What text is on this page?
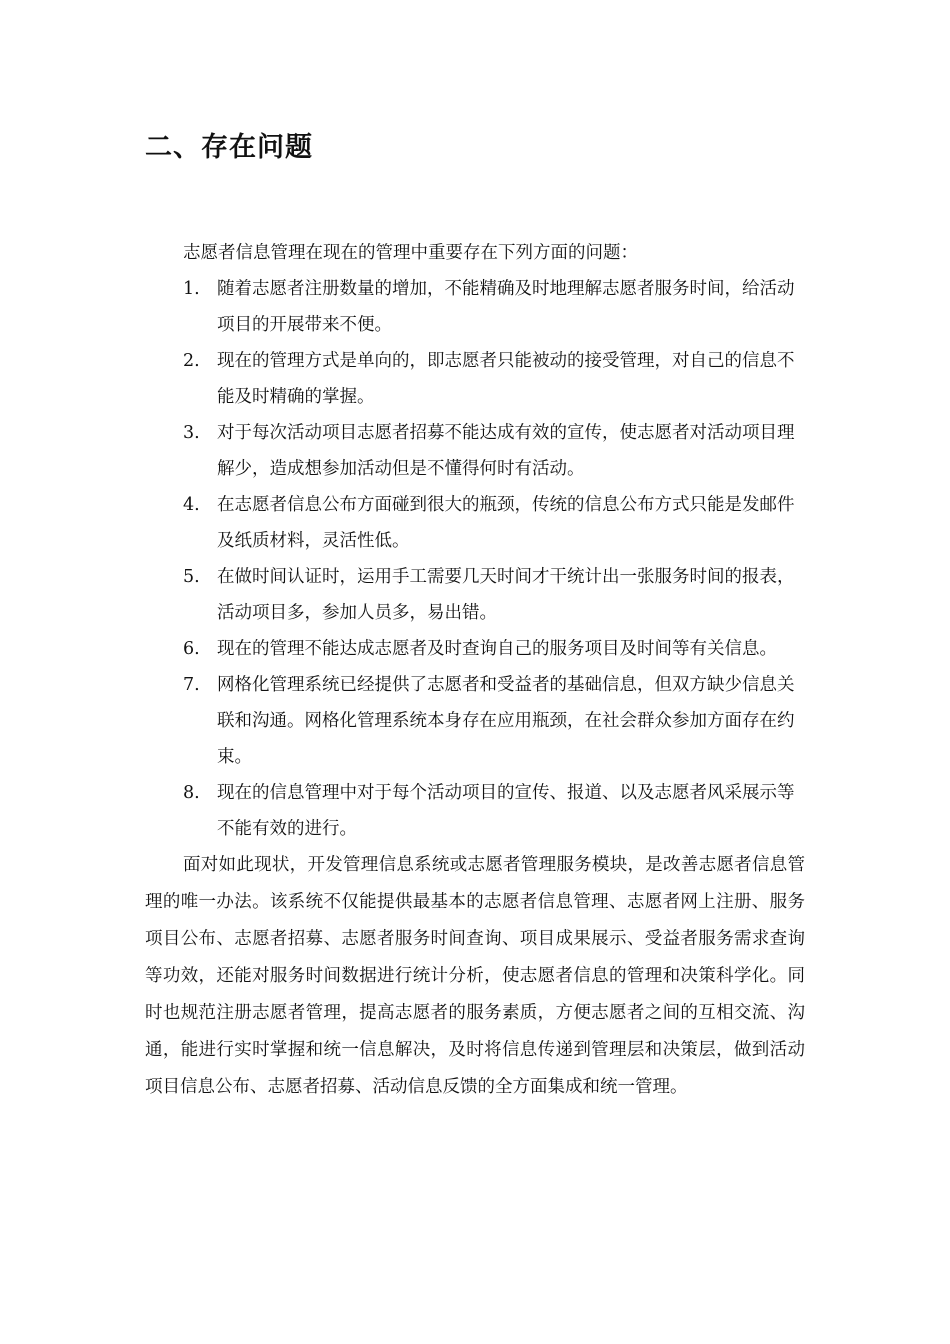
二、存在问题

志愿者信息管理在现在的管理中重要存在下列方面的问题：

1. 随着志愿者注册数量的增加，不能精确及时地理解志愿者服务时间，给活动项目的开展带来不便。
2. 现在的管理方式是单向的，即志愿者只能被动的接受管理，对自己的信息不能及时精确的掌握。
3. 对于每次活动项目志愿者招募不能达成有效的宣传，使志愿者对活动项目理解少，造成想参加活动但是不懂得何时有活动。
4. 在志愿者信息公布方面碰到很大的瓶颈，传统的信息公布方式只能是发邮件及纸质材料，灵活性低。
5. 在做时间认证时，运用手工需要几天时间才干统计出一张服务时间的报表，活动项目多，参加人员多，易出错。
6. 现在的管理不能达成志愿者及时查询自己的服务项目及时间等有关信息。
7. 网格化管理系统已经提供了志愿者和受益者的基础信息，但双方缺少信息关联和沟通。网格化管理系统本身存在应用瓶颈，在社会群众参加方面存在约束。
8. 现在的信息管理中对于每个活动项目的宣传、报道、以及志愿者风采展示等不能有效的进行。

面对如此现状，开发管理信息系统或志愿者管理服务模块，是改善志愿者信息管理的唯一办法。该系统不仅能提供最基本的志愿者信息管理、志愿者网上注册、服务项目公布、志愿者招募、志愿者服务时间查询、项目成果展示、受益者服务需求查询等功效，还能对服务时间数据进行统计分析，使志愿者信息的管理和决策科学化。同时也规范注册志愿者管理，提高志愿者的服务素质，方便志愿者之间的互相交流、沟通，能进行实时掌握和统一信息解决，及时将信息传递到管理层和决策层，做到活动项目信息公布、志愿者招募、活动信息反馈的全方面集成和统一管理。
